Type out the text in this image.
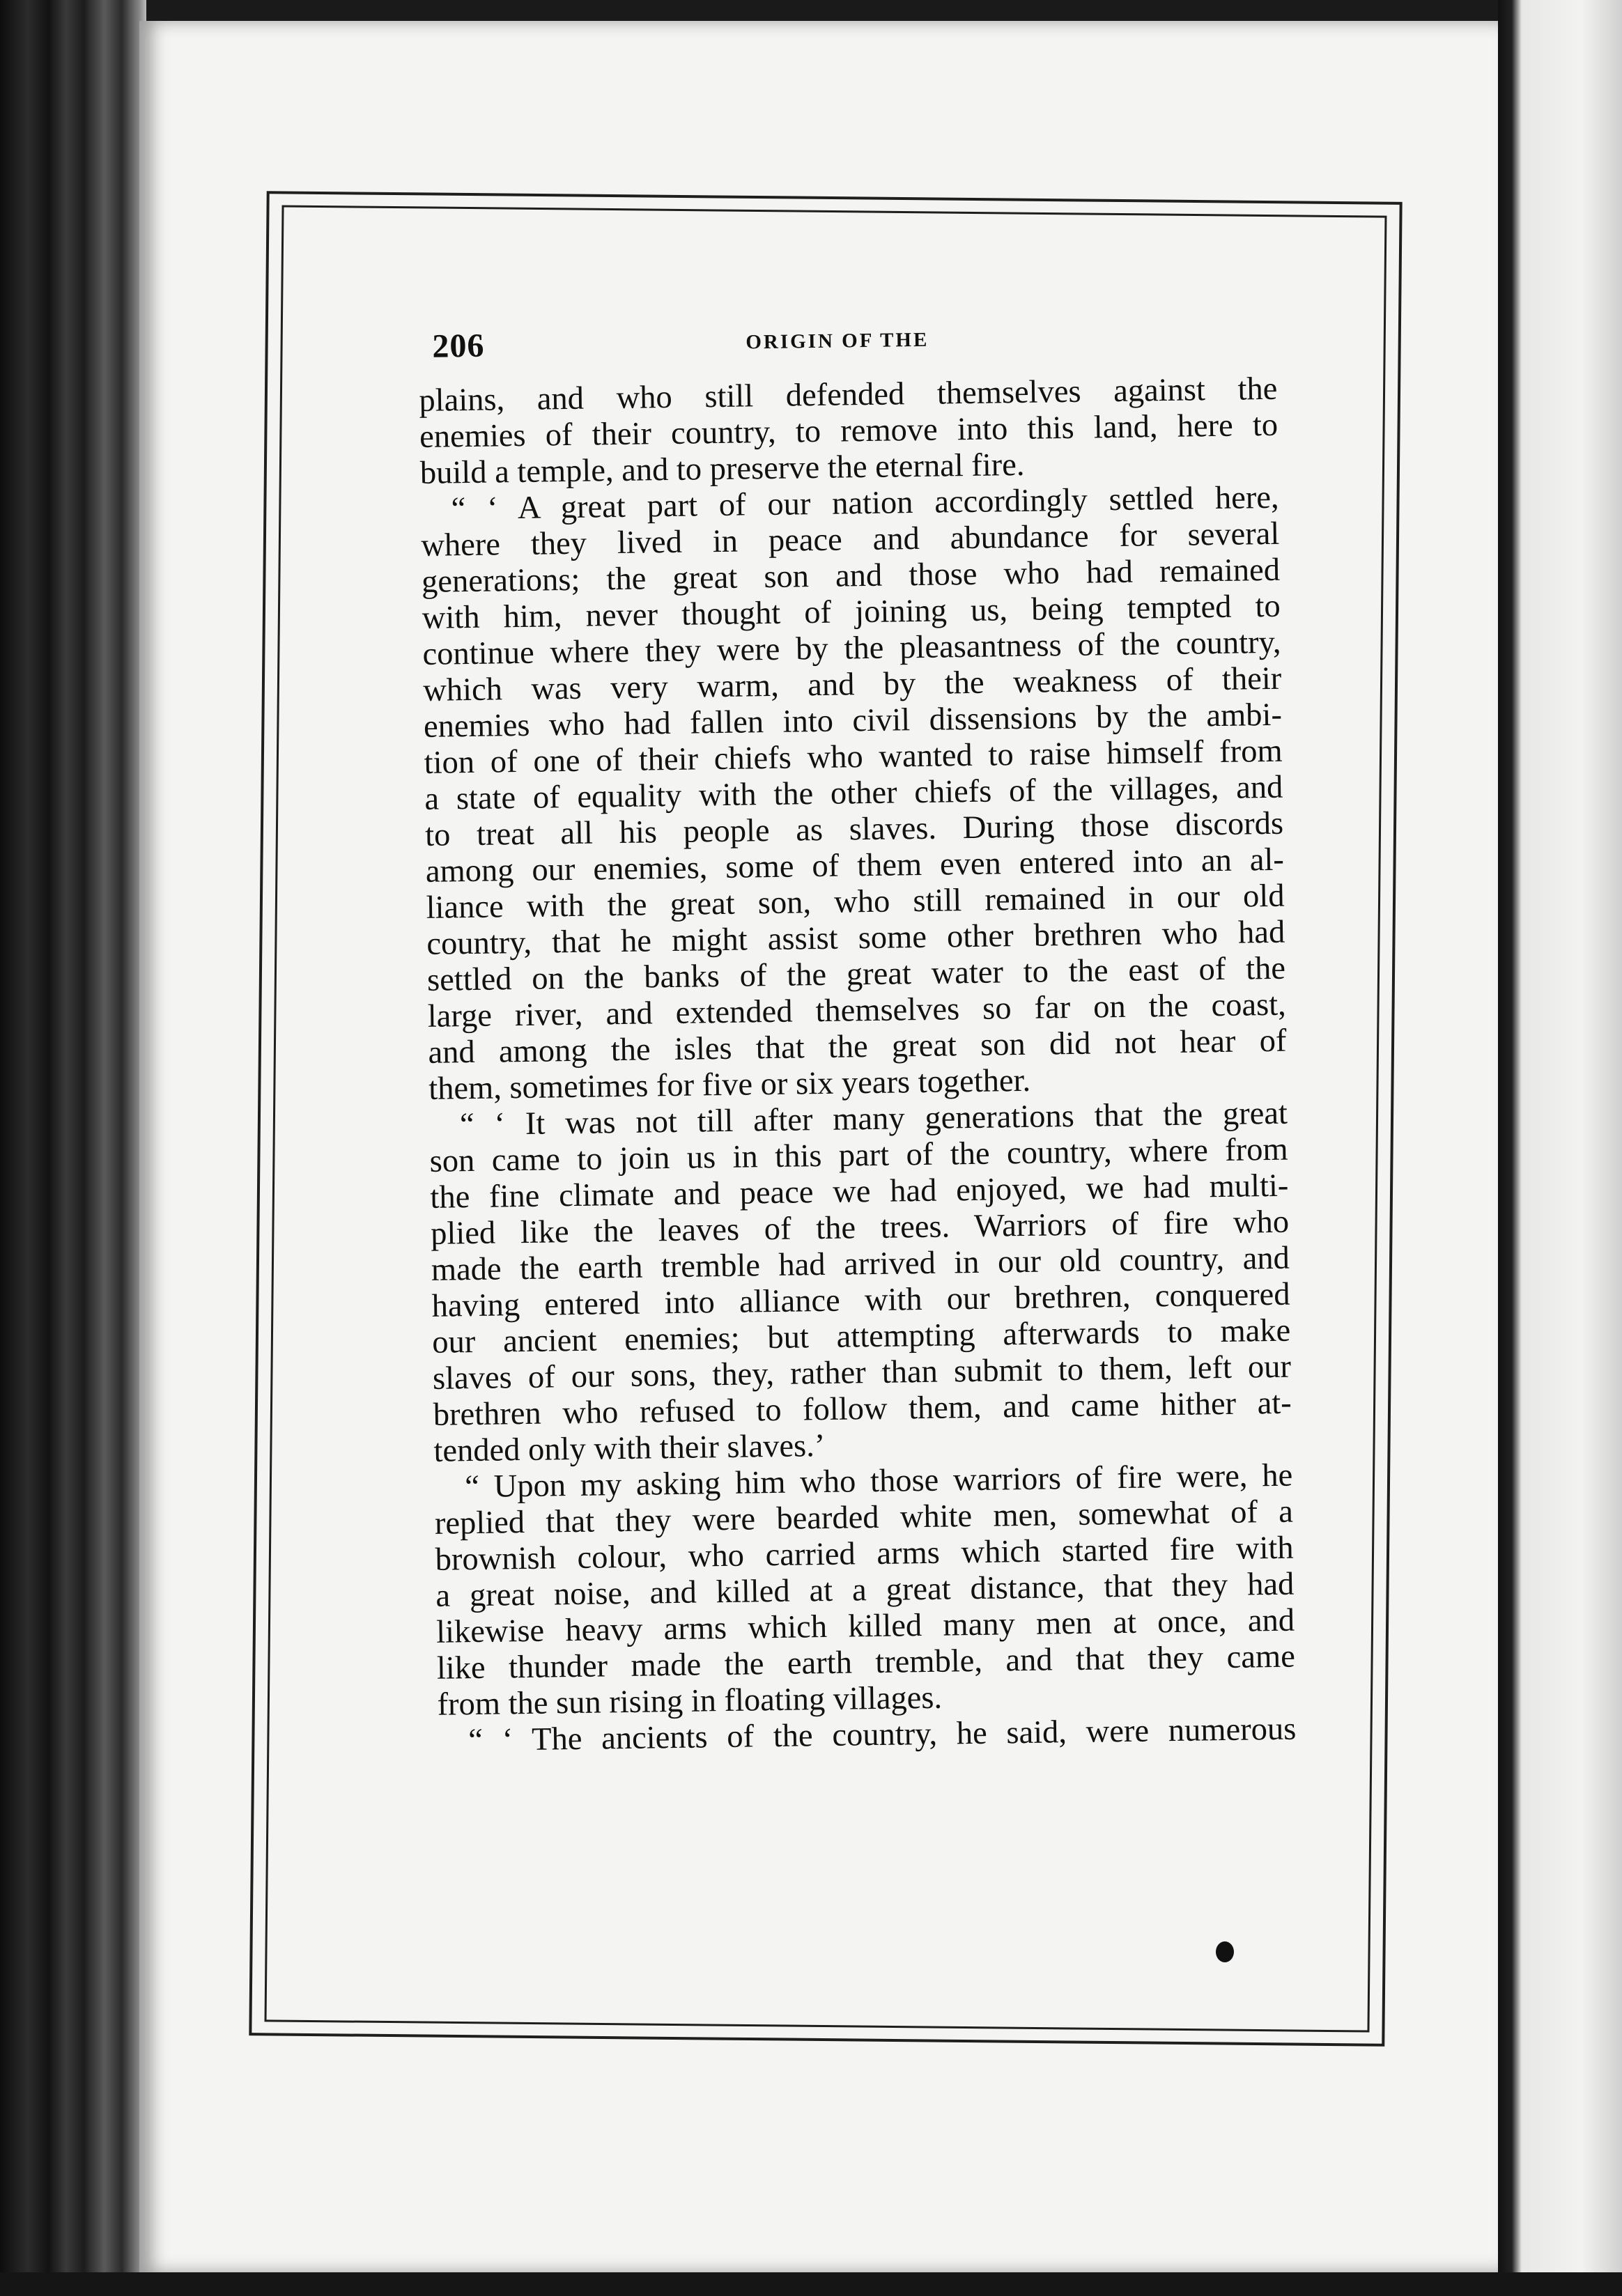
206	ORIGIN OF THE
plains, and who still defended themselves against the
enemies of their country, to remove into this land, here to
build a temple, and to preserve the eternal fire.
“ ‘ A great part of our nation accordingly settled here,
where they lived in peace and abundance for several
generations; the great son and those who had remained
with him, never thought of joining us, being tempted to
continue where they were by the pleasantness of the country,
which was very warm, and by the weakness of their
enemies who had fallen into civil dissensions by the ambi-
tion of one of their chiefs who wanted to raise himself from
a state of equality with the other chiefs of the villages, and
to treat all his people as slaves. During those discords
among our enemies, some of them even entered into an al-
liance with the great son, who still remained in our old
country, that he might assist some other brethren who had
settled on the banks of the great water to the east of the
large river, and extended themselves so far on the coast,
and among the isles that the great son did not hear of
them, sometimes for five or six years together.
“ ‘ It was not till after many generations that the great
son came to join us in this part of the country, where from
the fine climate and peace we had enjoyed, we had multi-
plied like the leaves of the trees. Warriors of fire who
made the earth tremble had arrived in our old country, and
having entered into alliance with our brethren, conquered
our ancient enemies; but attempting afterwards to make
slaves of our sons, they, rather than submit to them, left our
brethren who refused to follow them, and came hither at-
tended only with their slaves.’
“ Upon my asking him who those warriors of fire were, he
replied that they were bearded white men, somewhat of a
brownish colour, who carried arms which started fire with
a great noise, and killed at a great distance, that they had
likewise heavy arms which killed many men at once, and
like thunder made the earth tremble, and that they came
from the sun rising in floating villages.
“ ‘ The ancients of the country, he said, were numerous
